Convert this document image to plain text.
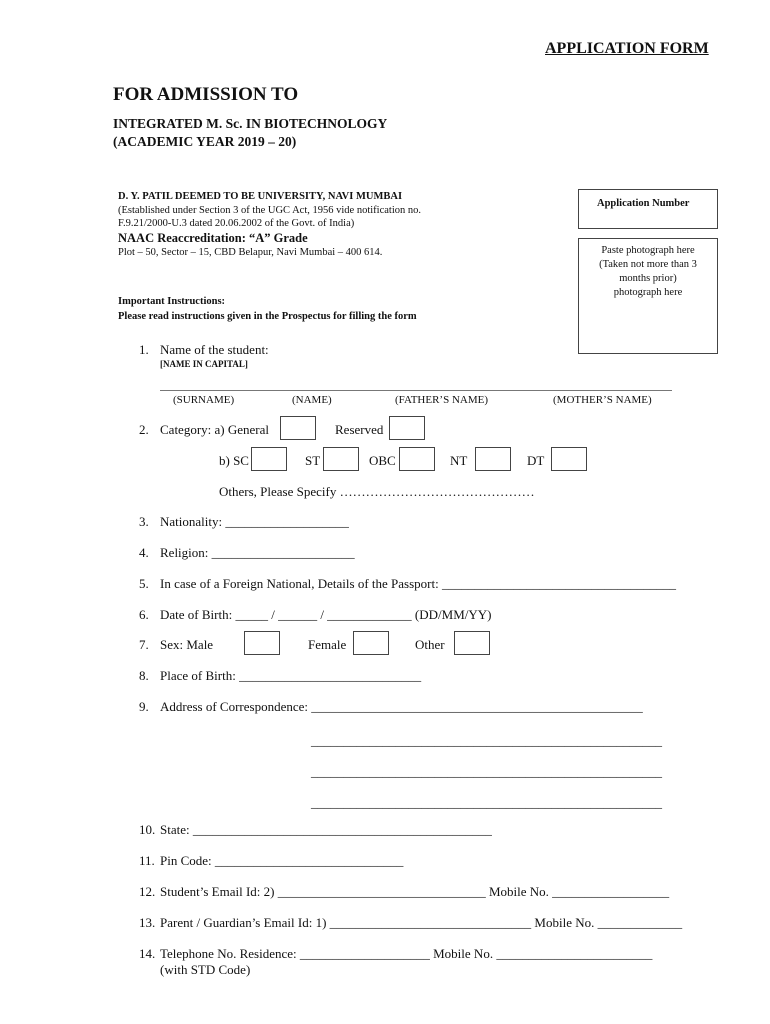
APPLICATION FORM
FOR ADMISSION TO
INTEGRATED M. Sc. IN BIOTECHNOLOGY
(ACADEMIC YEAR 2019 – 20)
D. Y. PATIL DEEMED TO BE UNIVERSITY, NAVI MUMBAI
(Established under Section 3 of the UGC Act, 1956 vide notification no.
F.9.21/2000-U.3 dated 20.06.2002 of the Govt. of India)
NAAC Reaccreditation: “A” Grade
Plot – 50, Sector – 15, CBD Belapur, Navi Mumbai – 400 614.
Important Instructions:
Please read instructions given in the Prospectus for filling the form
Application Number
Paste photograph here
(Taken not more than 3
months prior)
photograph here
1. Name of the student:
[NAME IN CAPITAL]
(SURNAME)	(NAME)	(FATHER’S NAME)	(MOTHER’S NAME)
2. Category: a) General	Reserved
b) SC	ST	OBC	NT	DT
Others, Please Specify ………………………………………
3. Nationality: ___________________
4. Religion: ______________________
5. In case of a Foreign National, Details of the Passport: ____________________________________
6. Date of Birth: _____ / ______ / _____________ (DD/MM/YY)
7. Sex: Male	Female	Other
8. Place of Birth: ____________________________
9. Address of Correspondence: ___________________________________________________
______________________________________________________
______________________________________________________
______________________________________________________
10. State: ______________________________________________
11. Pin Code: _____________________________
12. Student’s Email Id: 2) ________________________________ Mobile No. __________________
13. Parent / Guardian’s Email Id: 1) _______________________________ Mobile No. _____________
14. Telephone No. Residence: ____________________ Mobile No. ________________________
(with STD Code)
